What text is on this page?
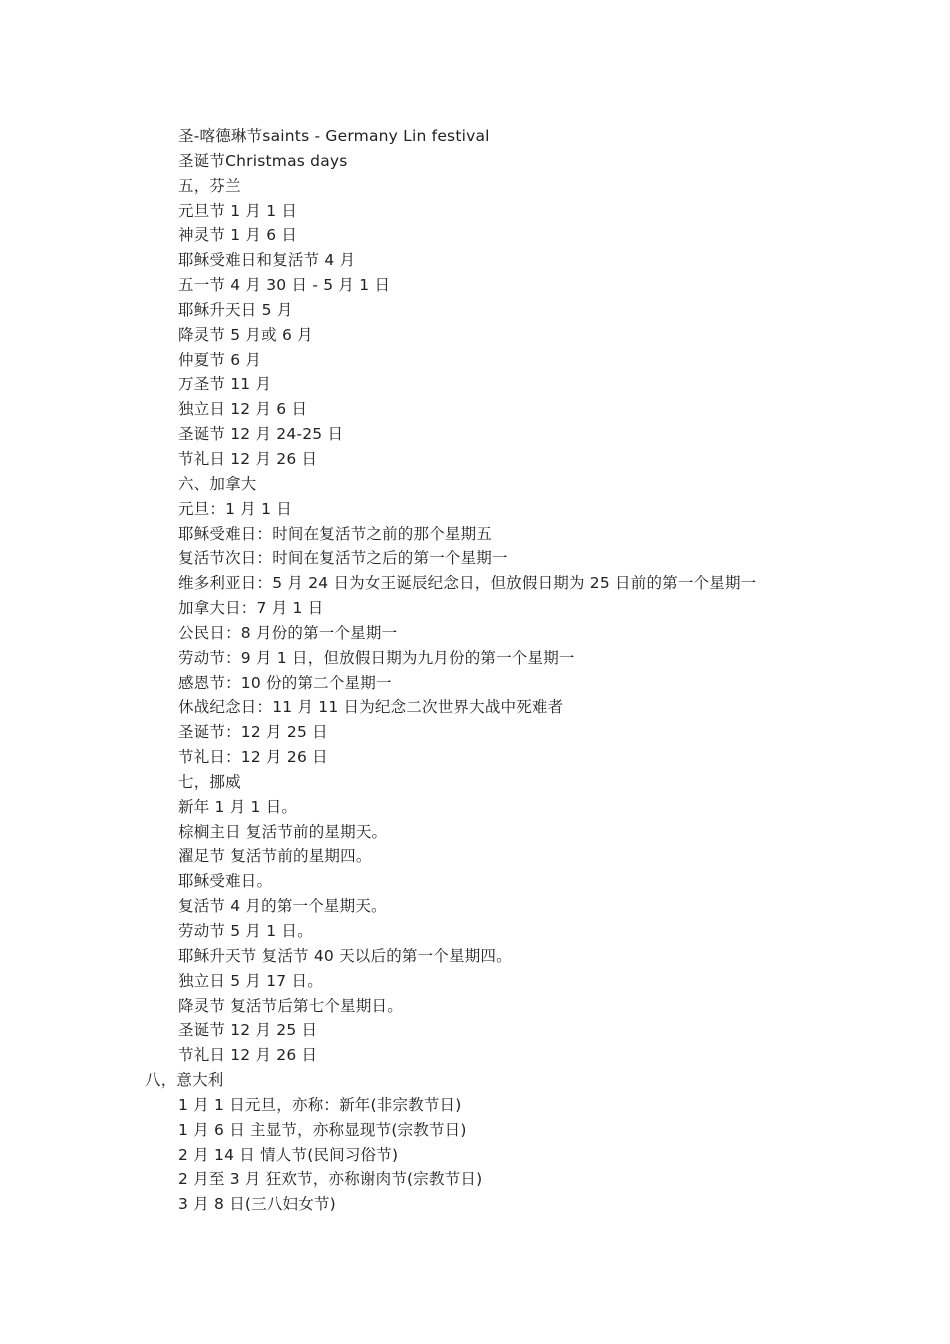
圣-喀德琳节saints - Germany Lin festival
圣诞节Christmas days
五，芬兰
元旦节 1 月 1 日
神灵节 1 月 6 日
耶稣受难日和复活节 4 月
五一节 4 月 30 日 - 5 月 1 日
耶稣升天日 5 月
降灵节 5 月或 6 月
仲夏节 6 月
万圣节 11 月
独立日 12 月 6 日
圣诞节 12 月 24-25 日
节礼日 12 月 26 日
六、加拿大
元旦：1 月 1 日
耶稣受难日：时间在复活节之前的那个星期五
复活节次日：时间在复活节之后的第一个星期一
维多利亚日：5 月 24 日为女王诞辰纪念日，但放假日期为 25 日前的第一个星期一
加拿大日：7 月 1 日
公民日：8 月份的第一个星期一
劳动节：9 月 1 日，但放假日期为九月份的第一个星期一
感恩节：10 份的第二个星期一
休战纪念日：11 月 11 日为纪念二次世界大战中死难者
圣诞节：12 月 25 日
节礼日：12 月 26 日
七，挪威
新年 1 月 1 日。
棕榈主日 复活节前的星期天。
濯足节 复活节前的星期四。
耶稣受难日。
复活节 4 月的第一个星期天。
劳动节 5 月 1 日。
耶稣升天节 复活节 40 天以后的第一个星期四。
独立日 5 月 17 日。
降灵节 复活节后第七个星期日。
圣诞节 12 月 25 日
节礼日 12 月 26 日
八，意大利
1 月 1 日元旦，亦称：新年(非宗教节日)
1 月 6 日 主显节，亦称显现节(宗教节日)
2 月 14 日 情人节(民间习俗节)
2 月至 3 月 狂欢节，亦称谢肉节(宗教节日)
3 月 8 日(三八妇女节)
